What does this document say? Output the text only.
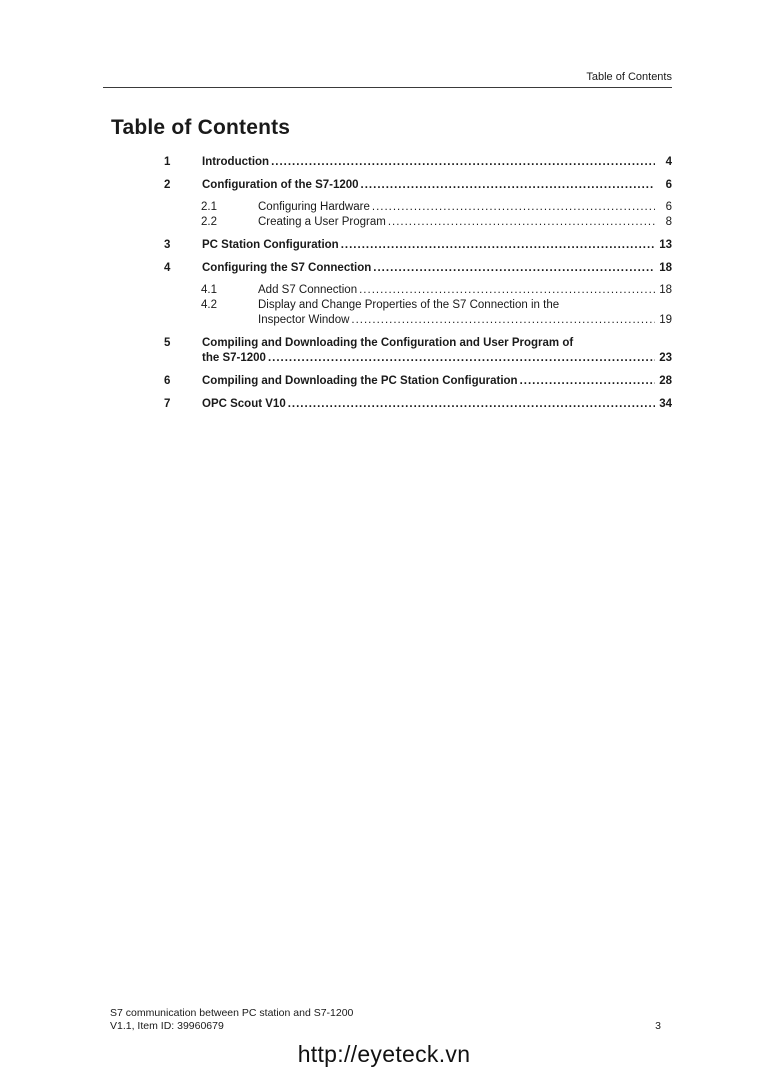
Table of Contents
Table of Contents
1	Introduction .....	4
2	Configuration of the S7-1200 .....	6
2.1	Configuring Hardware .....	6
2.2	Creating a User Program .....	8
3	PC Station Configuration .....	13
4	Configuring the S7 Connection .....	18
4.1	Add S7 Connection .....	18
4.2	Display and Change Properties of the S7 Connection in the
Inspector Window .....	19
5	Compiling and Downloading the Configuration and User Program of
the S7-1200 .....	23
6	Compiling and Downloading the PC Station Configuration .....	28
7	OPC Scout V10 .....	34
S7 communication between PC station and S7-1200
V1.1, Item ID: 39960679	3
http://eyeteck.vn
